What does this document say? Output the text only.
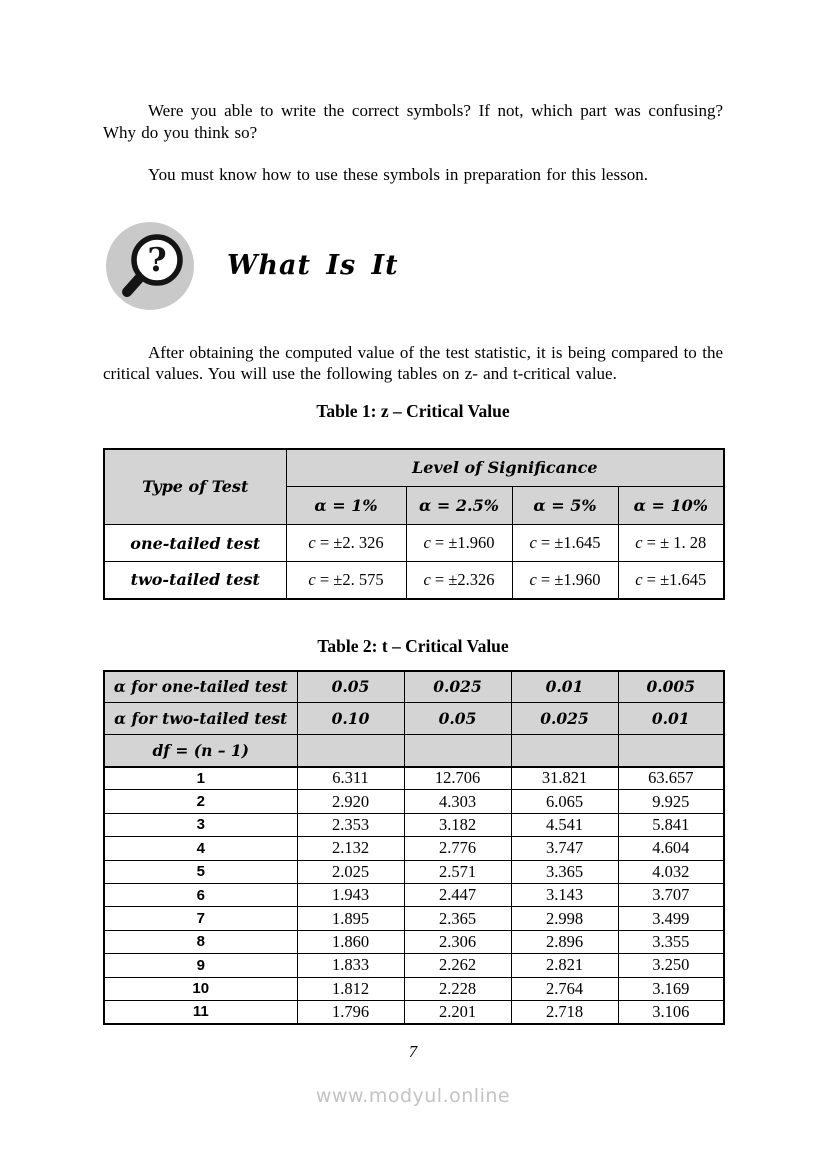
Were you able to write the correct symbols? If not, which part was confusing? Why do you think so?

You must know how to use these symbols in preparation for this lesson.

? What Is It

After obtaining the computed value of the test statistic, it is being compared to the critical values. You will use the following tables on z- and t-critical value.

Table 1: z – Critical Value

Type of Test	Level of Significance			
	α = 1%	α = 2.5%	α = 5%	α = 10%
one-tailed test	c = ±2. 326	c = ±1.960	c = ±1.645	c = ± 1. 28
two-tailed test	c = ±2. 575	c = ±2.326	c = ±1.960	c = ±1.645

Table 2: t – Critical Value

α for one-tailed test	0.05	0.025	0.01	0.005
α for two-tailed test	0.10	0.05	0.025	0.01
df = (n – 1)				
1	6.311	12.706	31.821	63.657
2	2.920	4.303	6.065	9.925
3	2.353	3.182	4.541	5.841
4	2.132	2.776	3.747	4.604
5	2.025	2.571	3.365	4.032
6	1.943	2.447	3.143	3.707
7	1.895	2.365	2.998	3.499
8	1.860	2.306	2.896	3.355
9	1.833	2.262	2.821	3.250
10	1.812	2.228	2.764	3.169
11	1.796	2.201	2.718	3.106
7
www.modyul.online
